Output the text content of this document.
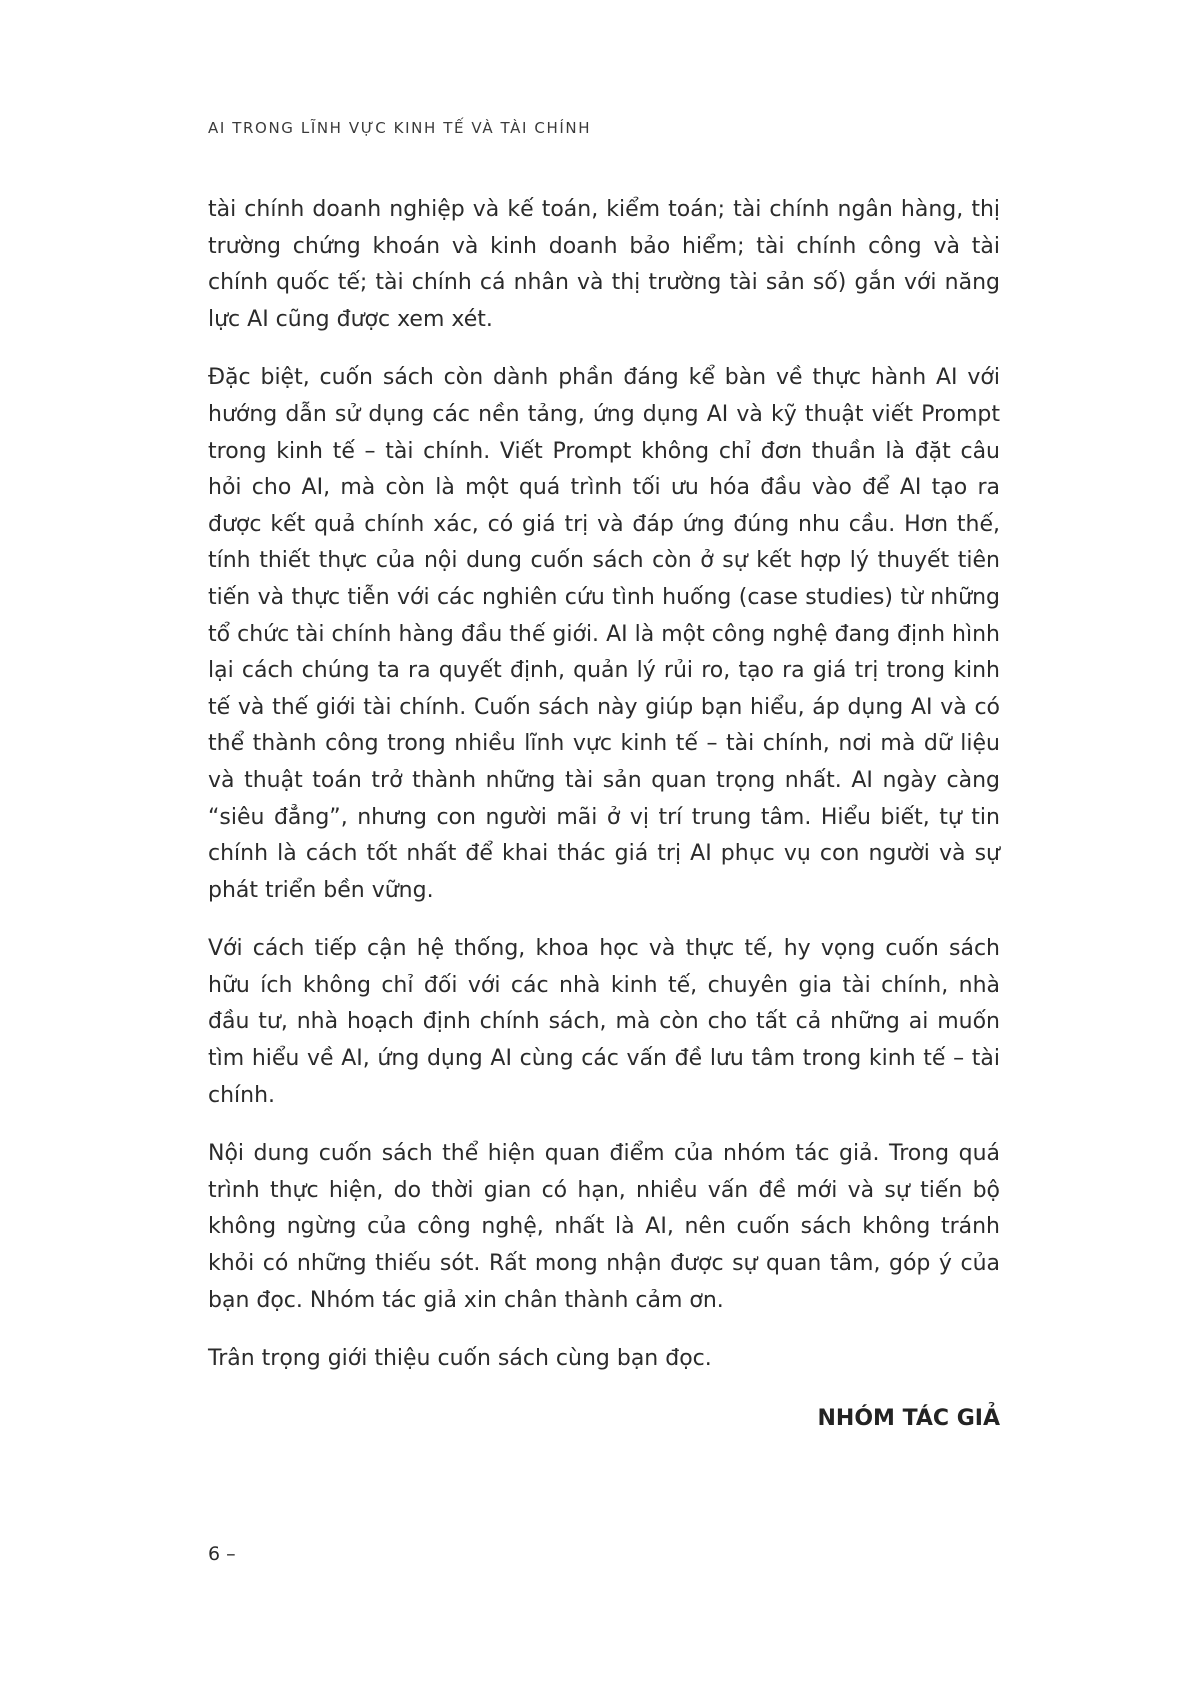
AI TRONG LĨNH VỰC KINH TẾ VÀ TÀI CHÍNH

tài chính doanh nghiệp và kế toán, kiểm toán; tài chính ngân hàng, thị trường chứng khoán và kinh doanh bảo hiểm; tài chính công và tài chính quốc tế; tài chính cá nhân và thị trường tài sản số) gắn với năng lực AI cũng được xem xét.

Đặc biệt, cuốn sách còn dành phần đáng kể bàn về thực hành AI với hướng dẫn sử dụng các nền tảng, ứng dụng AI và kỹ thuật viết Prompt trong kinh tế – tài chính. Viết Prompt không chỉ đơn thuần là đặt câu hỏi cho AI, mà còn là một quá trình tối ưu hóa đầu vào để AI tạo ra được kết quả chính xác, có giá trị và đáp ứng đúng nhu cầu. Hơn thế, tính thiết thực của nội dung cuốn sách còn ở sự kết hợp lý thuyết tiên tiến và thực tiễn với các nghiên cứu tình huống (case studies) từ những tổ chức tài chính hàng đầu thế giới. AI là một công nghệ đang định hình lại cách chúng ta ra quyết định, quản lý rủi ro, tạo ra giá trị trong kinh tế và thế giới tài chính. Cuốn sách này giúp bạn hiểu, áp dụng AI và có thể thành công trong nhiều lĩnh vực kinh tế – tài chính, nơi mà dữ liệu và thuật toán trở thành những tài sản quan trọng nhất. AI ngày càng “siêu đẳng”, nhưng con người mãi ở vị trí trung tâm. Hiểu biết, tự tin chính là cách tốt nhất để khai thác giá trị AI phục vụ con người và sự phát triển bền vững.

Với cách tiếp cận hệ thống, khoa học và thực tế, hy vọng cuốn sách hữu ích không chỉ đối với các nhà kinh tế, chuyên gia tài chính, nhà đầu tư, nhà hoạch định chính sách, mà còn cho tất cả những ai muốn tìm hiểu về AI, ứng dụng AI cùng các vấn đề lưu tâm trong kinh tế – tài chính.

Nội dung cuốn sách thể hiện quan điểm của nhóm tác giả. Trong quá trình thực hiện, do thời gian có hạn, nhiều vấn đề mới và sự tiến bộ không ngừng của công nghệ, nhất là AI, nên cuốn sách không tránh khỏi có những thiếu sót. Rất mong nhận được sự quan tâm, góp ý của bạn đọc. Nhóm tác giả xin chân thành cảm ơn.

Trân trọng giới thiệu cuốn sách cùng bạn đọc.

NHÓM TÁC GIẢ
6 –
